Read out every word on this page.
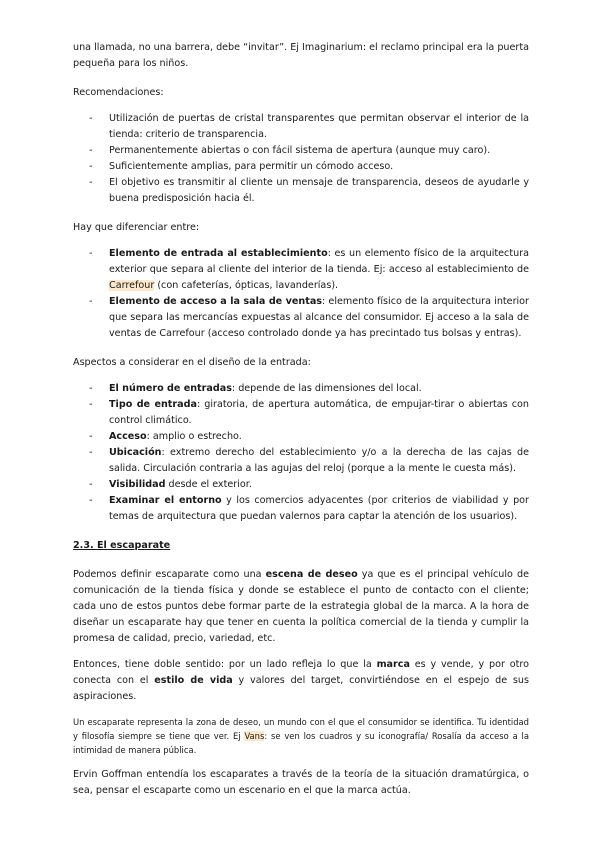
una llamada, no una barrera, debe “invitar”. Ej Imaginarium: el reclamo principal era la puerta pequeña para los niños.

Recomendaciones:

- Utilización de puertas de cristal transparentes que permitan observar el interior de la tienda: criterio de transparencia.
- Permanentemente abiertas o con fácil sistema de apertura (aunque muy caro).
- Suficientemente amplias, para permitir un cómodo acceso.
- El objetivo es transmitir al cliente un mensaje de transparencia, deseos de ayudarle y buena predisposición hacia él.

Hay que diferenciar entre:

- Elemento de entrada al establecimiento: es un elemento físico de la arquitectura exterior que separa al cliente del interior de la tienda. Ej: acceso al establecimiento de Carrefour (con cafeterías, ópticas, lavanderías).
- Elemento de acceso a la sala de ventas: elemento físico de la arquitectura interior que separa las mercancías expuestas al alcance del consumidor. Ej acceso a la sala de ventas de Carrefour (acceso controlado donde ya has precintado tus bolsas y entras).

Aspectos a considerar en el diseño de la entrada:

- El número de entradas: depende de las dimensiones del local.
- Tipo de entrada: giratoria, de apertura automática, de empujar-tirar o abiertas con control climático.
- Acceso: amplio o estrecho.
- Ubicación: extremo derecho del establecimiento y/o a la derecha de las cajas de salida. Circulación contraria a las agujas del reloj (porque a la mente le cuesta más).
- Visibilidad desde el exterior.
- Examinar el entorno y los comercios adyacentes (por criterios de viabilidad y por temas de arquitectura que puedan valernos para captar la atención de los usuarios).

2.3. El escaparate

Podemos definir escaparate como una escena de deseo ya que es el principal vehículo de comunicación de la tienda física y donde se establece el punto de contacto con el cliente; cada uno de estos puntos debe formar parte de la estrategia global de la marca. A la hora de diseñar un escaparate hay que tener en cuenta la política comercial de la tienda y cumplir la promesa de calidad, precio, variedad, etc.

Entonces, tiene doble sentido: por un lado refleja lo que la marca es y vende, y por otro conecta con el estilo de vida y valores del target, convirtiéndose en el espejo de sus aspiraciones.

Un escaparate representa la zona de deseo, un mundo con el que el consumidor se identifica. Tu identidad y filosofía siempre se tiene que ver. Ej Vans: se ven los cuadros y su iconografía/ Rosalía da acceso a la intimidad de manera pública.

Ervin Goffman entendía los escaparates a través de la teoría de la situación dramatúrgica, o sea, pensar el escaparte como un escenario en el que la marca actúa.
